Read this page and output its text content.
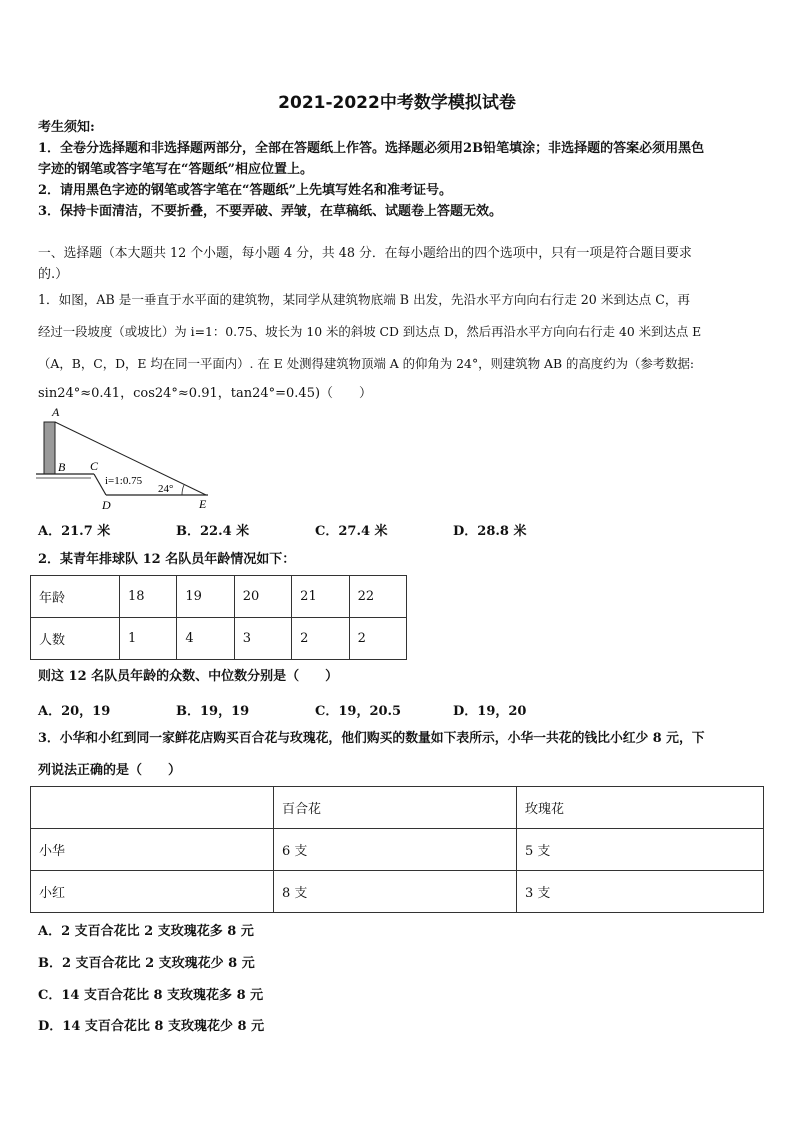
2021-2022中考数学模拟试卷
考生须知:
1．全卷分选择题和非选择题两部分，全部在答题纸上作答。选择题必须用2B铅笔填涂；非选择题的答案必须用黑色
字迹的钢笔或答字笔写在“答题纸”相应位置上。
2．请用黑色字迹的钢笔或答字笔在“答题纸”上先填写姓名和准考证号。
3．保持卡面清洁，不要折叠，不要弄破、弄皱，在草稿纸、试题卷上答题无效。
一、选择题（本大题共 12 个小题，每小题 4 分，共 48 分．在每小题给出的四个选项中，只有一项是符合题目要求
的.）
1．如图，AB 是一垂直于水平面的建筑物，某同学从建筑物底端 B 出发，先沿水平方向向右行走 20 米到达点 C，再
经过一段坡度（或坡比）为 i=1：0.75、坡长为 10 米的斜坡 CD 到达点 D，然后再沿水平方向向右行走 40 米到达点 E
（A，B，C，D，E 均在同一平面内）. 在 E 处测得建筑物顶端 A 的仰角为 24°，则建筑物 AB 的高度约为（参考数据:
sin24°≈0.41，cos24°≈0.91，tan24°=0.45)（　　）
A
B C
D	E
i=1:0.75
24°
A．21.7 米	B．22.4 米	C．27.4 米	D．28.8 米
2．某青年排球队 12 名队员年龄情况如下：
年龄	18	19	20	21	22
人数	1	4	3	2	2
则这 12 名队员年龄的众数、中位数分别是（　　）
A．20，19	B．19，19	C．19，20.5	D．19，20
3．小华和小红到同一家鲜花店购买百合花与玫瑰花，他们购买的数量如下表所示，小华一共花的钱比小红少 8 元，下
列说法正确的是（　　）
	百合花	玫瑰花
小华	6 支	5 支
小红	8 支	3 支
A．2 支百合花比 2 支玫瑰花多 8 元
B．2 支百合花比 2 支玫瑰花少 8 元
C．14 支百合花比 8 支玫瑰花多 8 元
D．14 支百合花比 8 支玫瑰花少 8 元
